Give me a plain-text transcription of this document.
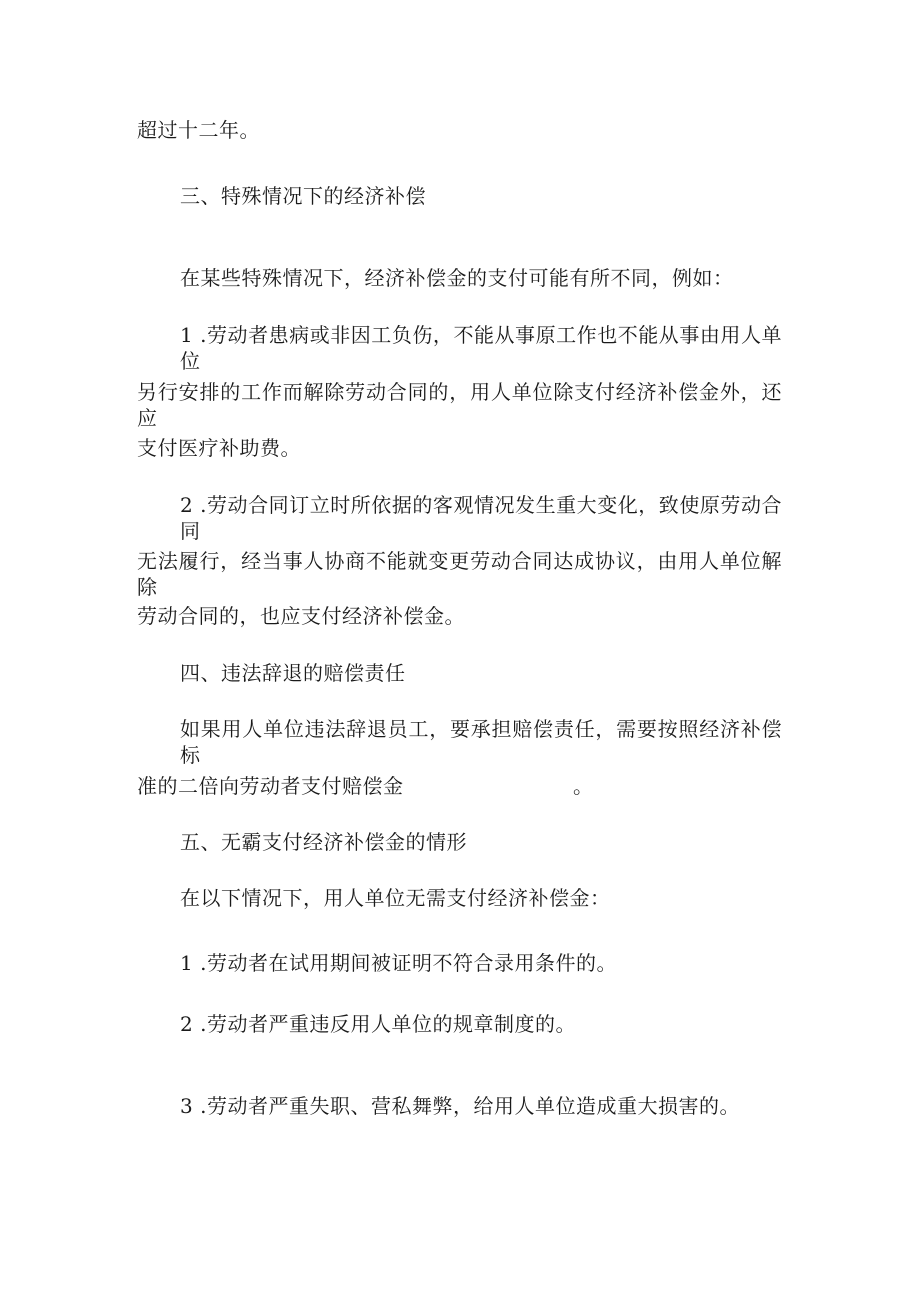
超过十二年。
三、特殊情况下的经济补偿
在某些特殊情况下，经济补偿金的支付可能有所不同，例如：
1 .劳动者患病或非因工负伤，不能从事原工作也不能从事由用人单位
另行安排的工作而解除劳动合同的，用人单位除支付经济补偿金外，还应
支付医疗补助费。
2 .劳动合同订立时所依据的客观情况发生重大变化，致使原劳动合同
无法履行，经当事人协商不能就变更劳动合同达成协议，由用人单位解除
劳动合同的，也应支付经济补偿金。
四、违法辞退的赔偿责任
如果用人单位违法辞退员工，要承担赔偿责任，需要按照经济补偿标
准的二倍向劳动者支付赔偿金	。
五、无霸支付经济补偿金的情形
在以下情况下，用人单位无需支付经济补偿金：
1 .劳动者在试用期间被证明不符合录用条件的。
2 .劳动者严重违反用人单位的规章制度的。
3 .劳动者严重失职、营私舞弊，给用人单位造成重大损害的。
